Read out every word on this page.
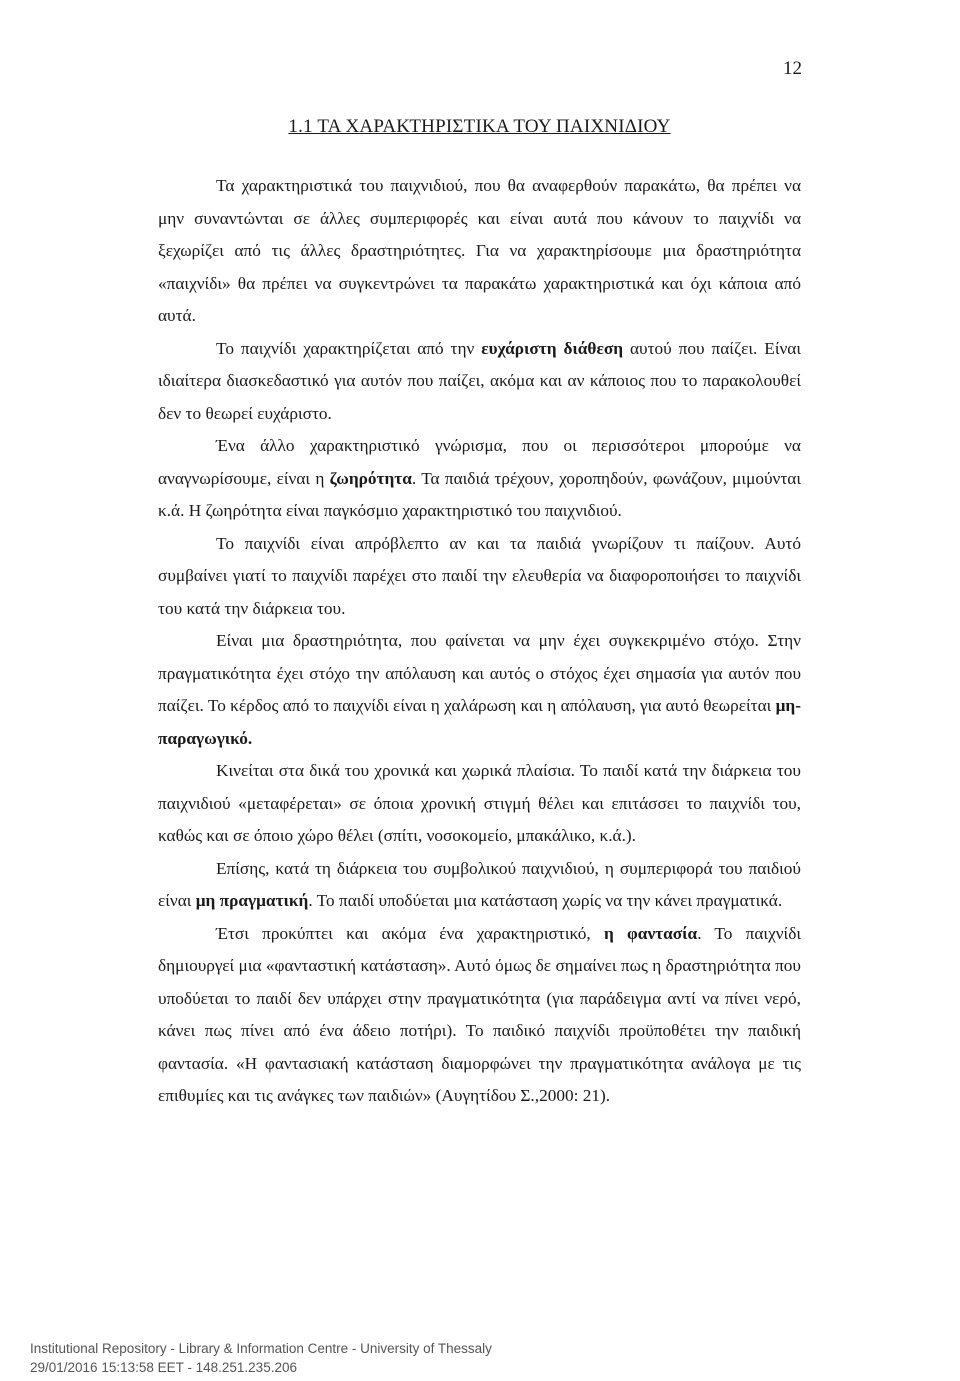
12
1.1 ΤΑ ΧΑΡΑΚΤΗΡΙΣΤΙΚΑ ΤΟΥ ΠΑΙΧΝΙΔΙΟΥ

Τα χαρακτηριστικά του παιχνιδιού, που θα αναφερθούν παρακάτω, θα πρέπει να μην συναντώνται σε άλλες συμπεριφορές και είναι αυτά που κάνουν το παιχνίδι να ξεχωρίζει από τις άλλες δραστηριότητες. Για να χαρακτηρίσουμε μια δραστηριότητα «παιχνίδι» θα πρέπει να συγκεντρώνει τα παρακάτω χαρακτηριστικά και όχι κάποια από αυτά.

Το παιχνίδι χαρακτηρίζεται από την ευχάριστη διάθεση αυτού που παίζει. Είναι ιδιαίτερα διασκεδαστικό για αυτόν που παίζει, ακόμα και αν κάποιος που το παρακολουθεί δεν το θεωρεί ευχάριστο.

Ένα άλλο χαρακτηριστικό γνώρισμα, που οι περισσότεροι μπορούμε να αναγνωρίσουμε, είναι η ζωηρότητα. Τα παιδιά τρέχουν, χοροπηδούν, φωνάζουν, μιμούνται κ.ά. Η ζωηρότητα είναι παγκόσμιο χαρακτηριστικό του παιχνιδιού.

Το παιχνίδι είναι απρόβλεπτο αν και τα παιδιά γνωρίζουν τι παίζουν. Αυτό συμβαίνει γιατί το παιχνίδι παρέχει στο παιδί την ελευθερία να διαφοροποιήσει το παιχνίδι του κατά την διάρκεια του.

Είναι μια δραστηριότητα, που φαίνεται να μην έχει συγκεκριμένο στόχο. Στην πραγματικότητα έχει στόχο την απόλαυση και αυτός ο στόχος έχει σημασία για αυτόν που παίζει. Το κέρδος από το παιχνίδι είναι η χαλάρωση και η απόλαυση, για αυτό θεωρείται μη- παραγωγικό.

Κινείται στα δικά του χρονικά και χωρικά πλαίσια. Το παιδί κατά την διάρκεια του παιχνιδιού «μεταφέρεται» σε όποια χρονική στιγμή θέλει και επιτάσσει το παιχνίδι του, καθώς και σε όποιο χώρο θέλει (σπίτι, νοσοκομείο, μπακάλικο, κ.ά.).

Επίσης, κατά τη διάρκεια του συμβολικού παιχνιδιού, η συμπεριφορά του παιδιού είναι μη πραγματική. Το παιδί υποδύεται μια κατάσταση χωρίς να την κάνει πραγματικά.

Έτσι προκύπτει και ακόμα ένα χαρακτηριστικό, η φαντασία. Το παιχνίδι δημιουργεί μια «φανταστική κατάσταση». Αυτό όμως δε σημαίνει πως η δραστηριότητα που υποδύεται το παιδί δεν υπάρχει στην πραγματικότητα (για παράδειγμα αντί να πίνει νερό, κάνει πως πίνει από ένα άδειο ποτήρι). Το παιδικό παιχνίδι προϋποθέτει την παιδική φαντασία. «Η φαντασιακή κατάσταση διαμορφώνει την πραγματικότητα ανάλογα με τις επιθυμίες και τις ανάγκες των παιδιών» (Αυγητίδου Σ.,2000: 21).

Institutional Repository - Library & Information Centre - University of Thessaly
29/01/2016 15:13:58 EET - 148.251.235.206
